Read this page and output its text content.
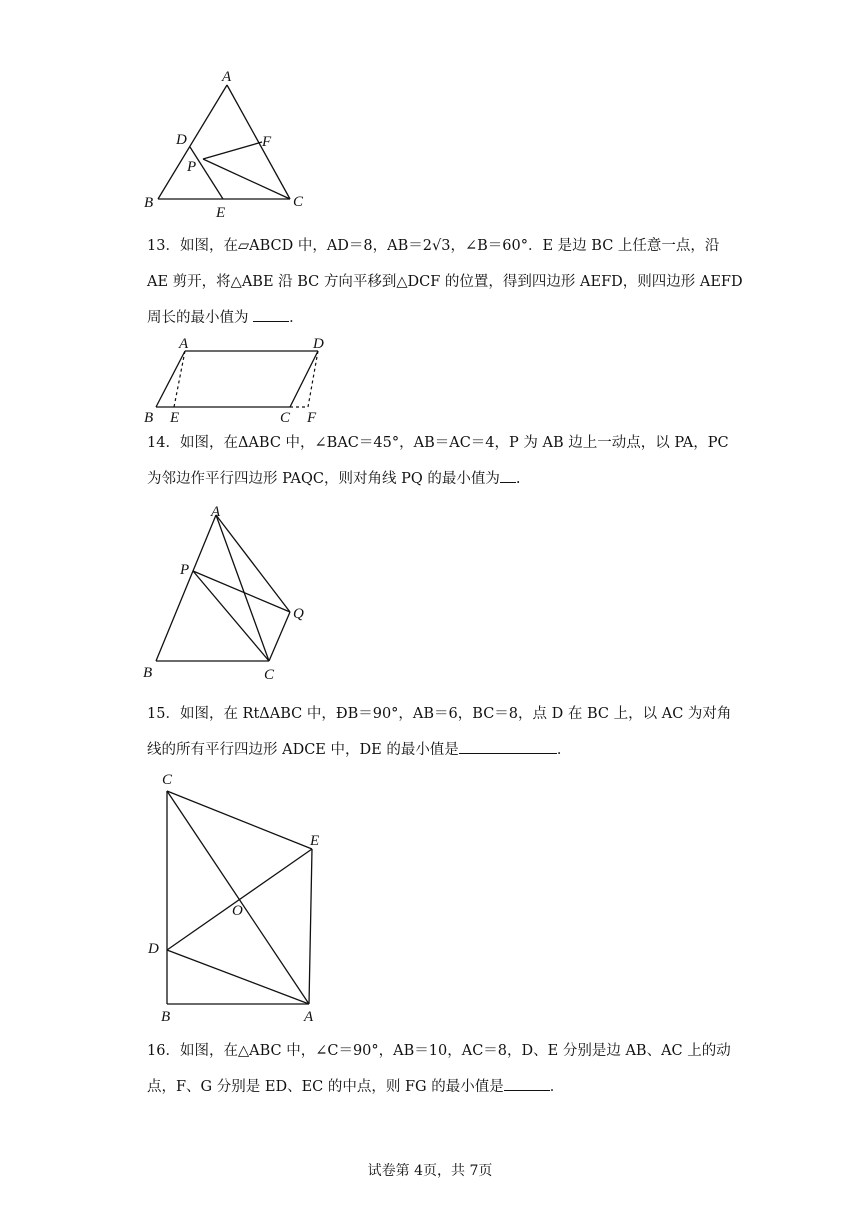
A
B	C
D
E
F
P
13．如图，在▱ABCD 中，AD＝8，AB＝2√3，∠B＝60°．E 是边 BC 上任意一点，沿
AE 剪开，将△ABE 沿 BC 方向平移到△DCF 的位置，得到四边形 AEFD，则四边形 AEFD
周长的最小值为	．
A	D
B E	C F
14．如图，在ΔABC 中，∠BAC＝45°，AB＝AC＝4，P 为 AB 边上一动点，以 PA，PC
为邻边作平行四边形 PAQC，则对角线 PQ 的最小值为 .
A
P
Q
B	C
15．如图，在 RtΔABC 中，ÐB＝90°，AB＝6，BC＝8，点 D 在 BC 上，以 AC 为对角
线的所有平行四边形 ADCE 中，DE 的最小值是	．
C
E
O
D
B	A
16．如图，在△ABC 中，∠C＝90°，AB＝10，AC＝8，D、E 分别是边 AB、AC 上的动
点，F、G 分别是 ED、EC 的中点，则 FG 的最小值是	．
试卷第 4页，共 7页
